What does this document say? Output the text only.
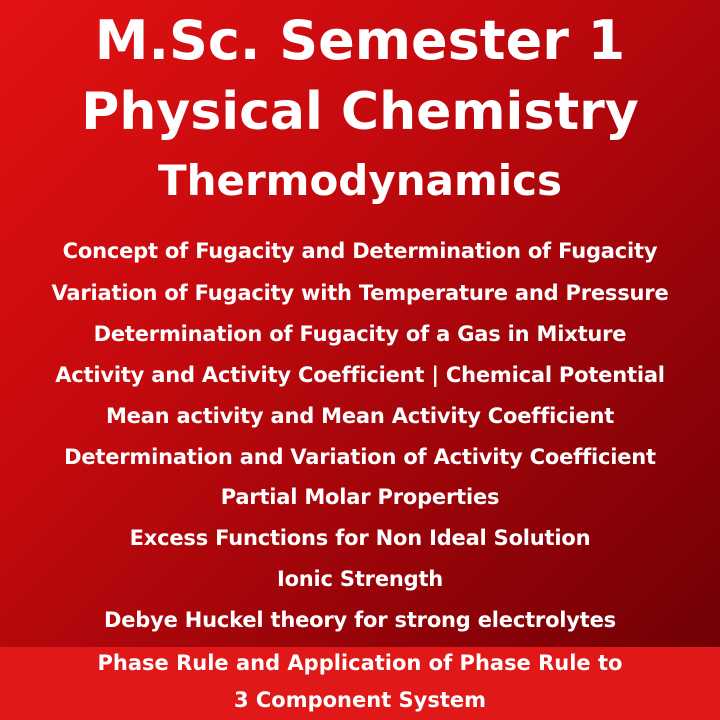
M.Sc. Semester 1
Physical Chemistry
Thermodynamics
Concept of Fugacity and Determination of Fugacity
Variation of Fugacity with Temperature and Pressure
Determination of Fugacity of a Gas in Mixture
Activity and Activity Coefficient | Chemical Potential
Mean activity and Mean Activity Coefficient
Determination and Variation of Activity Coefficient
Partial Molar Properties
Excess Functions for Non Ideal Solution
Ionic Strength
Debye Huckel theory for strong electrolytes
Phase Rule and Application of Phase Rule to
3 Component System
